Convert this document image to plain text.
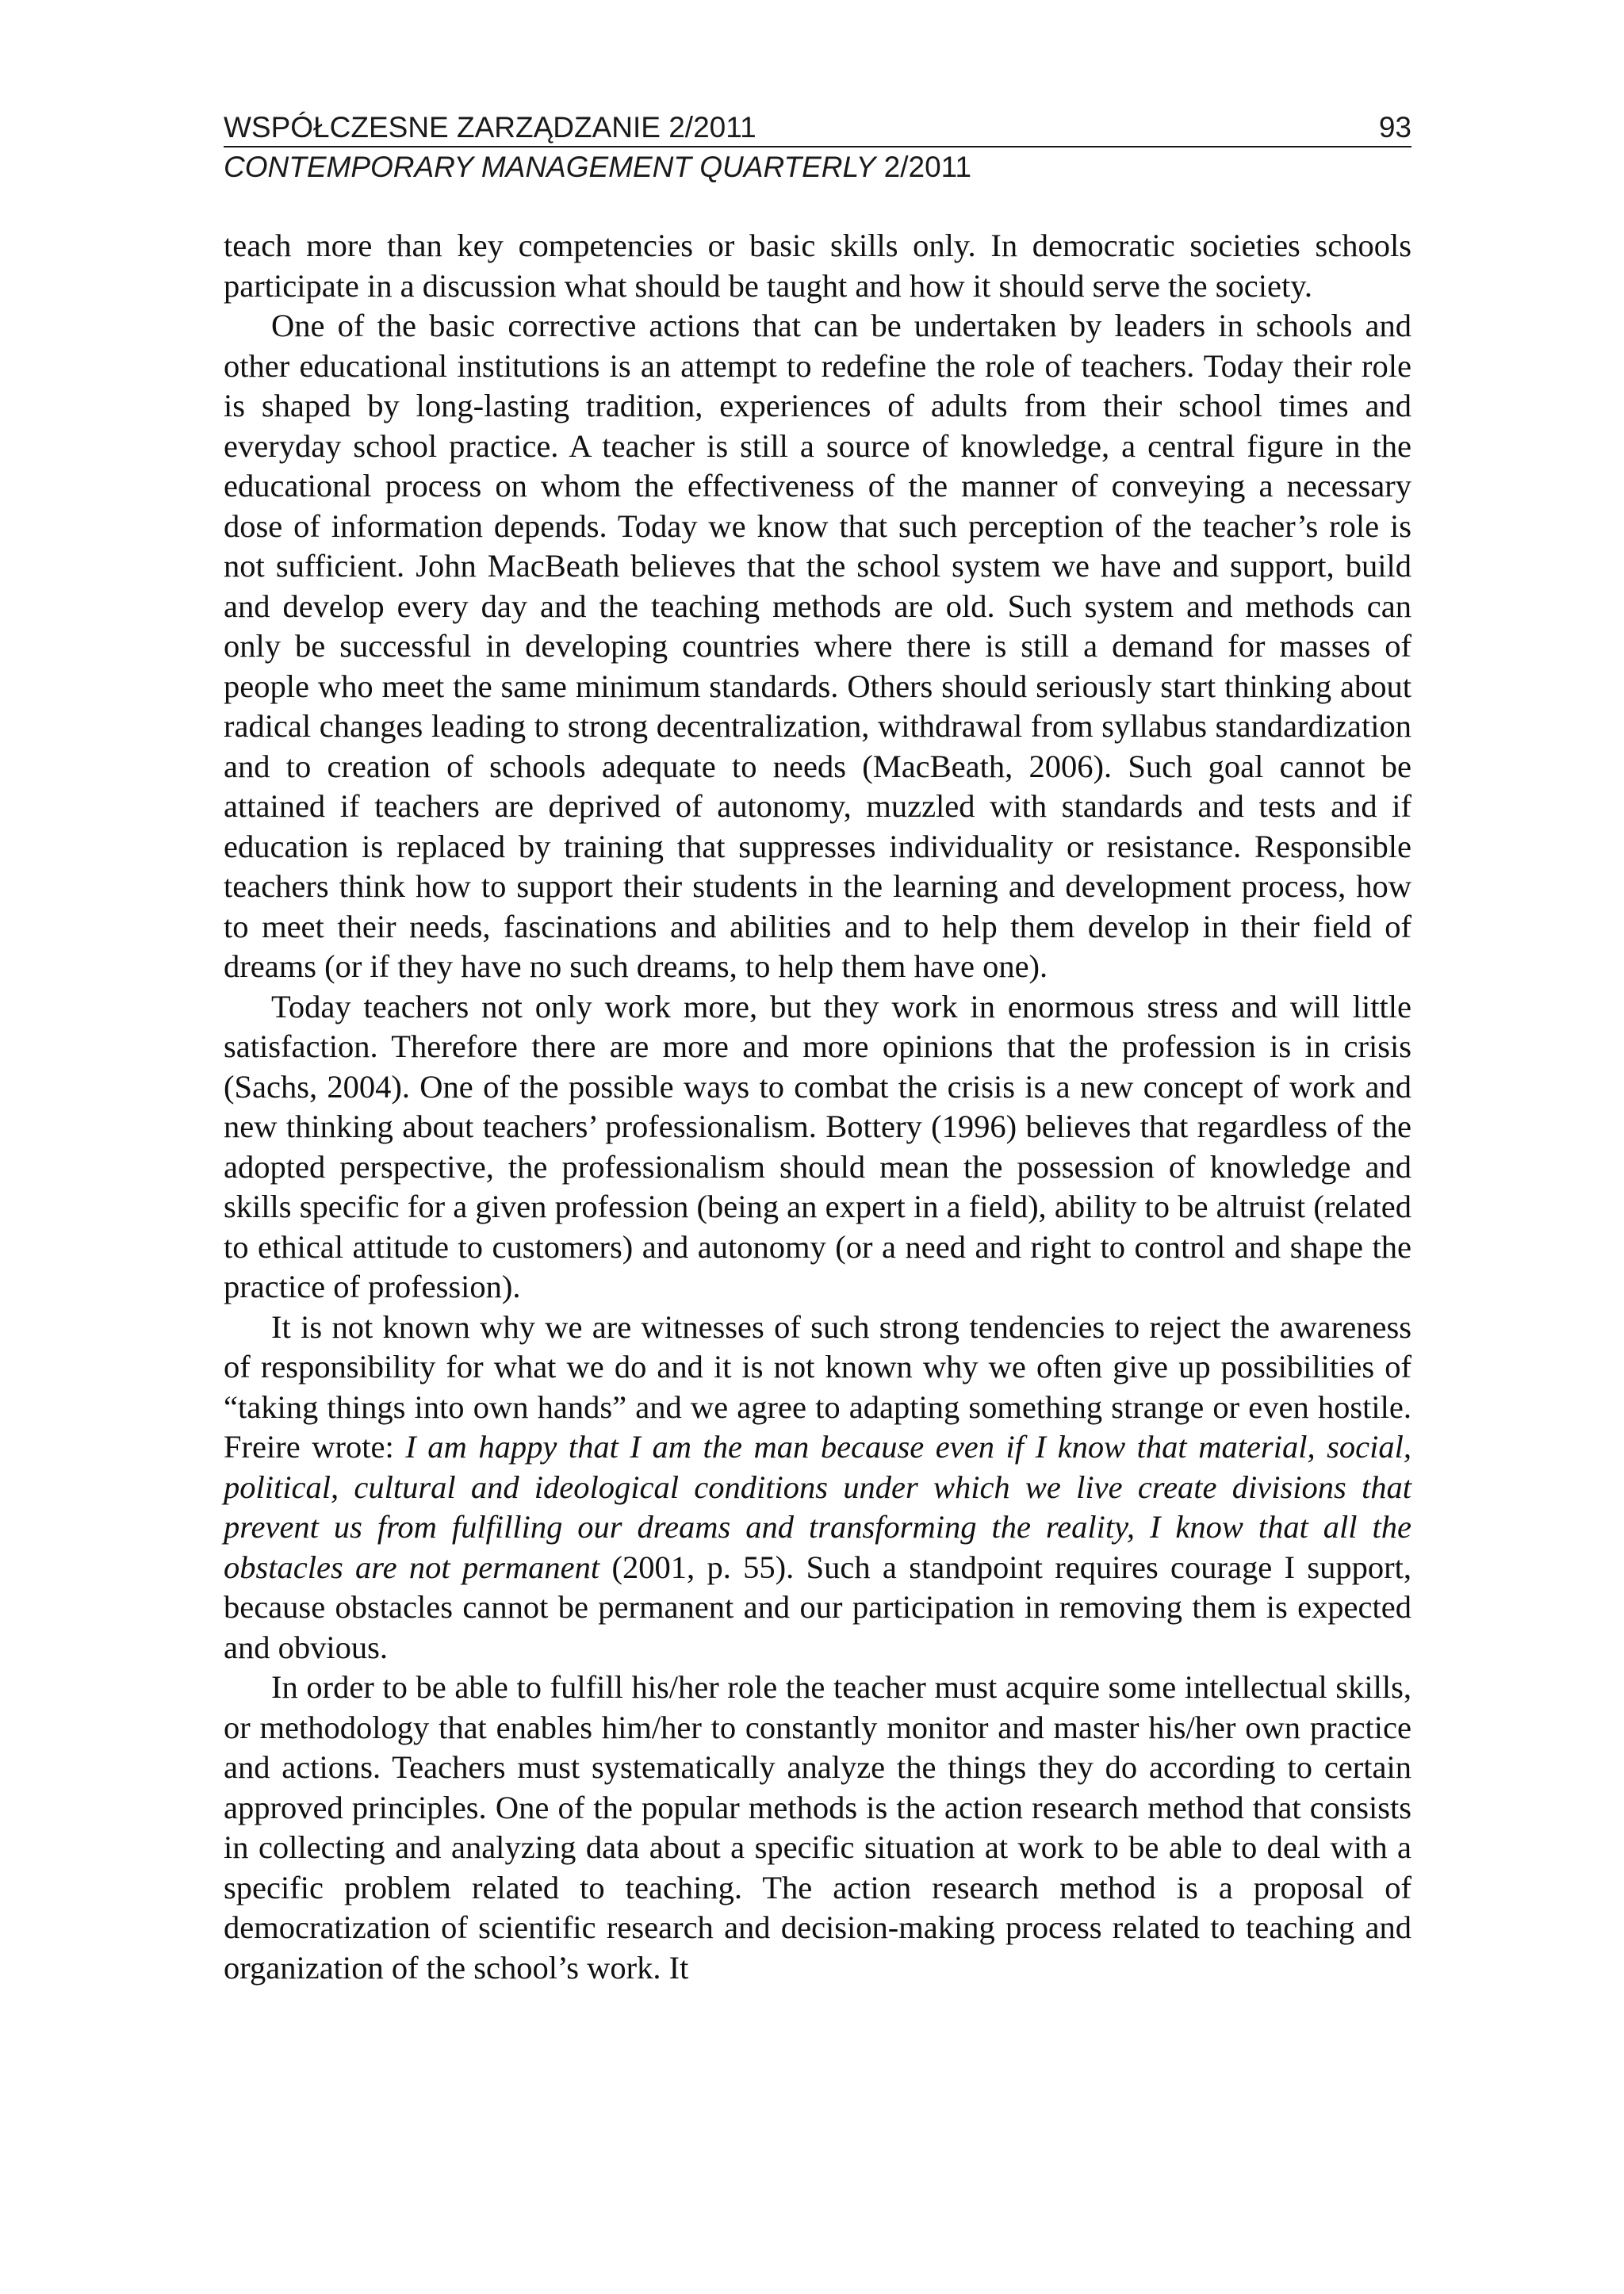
WSPÓŁCZESNE ZARZĄDZANIE 2/2011	93
CONTEMPORARY MANAGEMENT QUARTERLY 2/2011

teach more than key competencies or basic skills only. In democratic societies schools participate in a discussion what should be taught and how it should serve the society.

One of the basic corrective actions that can be undertaken by leaders in schools and other educational institutions is an attempt to redefine the role of teachers. Today their role is shaped by long-lasting tradition, experiences of adults from their school times and everyday school practice. A teacher is still a source of knowledge, a central figure in the educational process on whom the effectiveness of the manner of conveying a necessary dose of information depends. Today we know that such perception of the teacher’s role is not sufficient. John MacBeath believes that the school system we have and support, build and develop every day and the teaching methods are old. Such system and methods can only be successful in developing countries where there is still a demand for masses of people who meet the same minimum standards. Others should seriously start thinking about radical changes leading to strong decentralization, withdrawal from syllabus standardization and to creation of schools adequate to needs (MacBeath, 2006). Such goal cannot be attained if teachers are deprived of autonomy, muzzled with standards and tests and if education is replaced by training that suppresses individuality or resistance. Responsible teachers think how to support their students in the learning and development process, how to meet their needs, fascinations and abilities and to help them develop in their field of dreams (or if they have no such dreams, to help them have one).

Today teachers not only work more, but they work in enormous stress and will little satisfaction. Therefore there are more and more opinions that the profession is in crisis (Sachs, 2004). One of the possible ways to combat the crisis is a new concept of work and new thinking about teachers’ professionalism. Bottery (1996) believes that regardless of the adopted perspective, the professionalism should mean the possession of knowledge and skills specific for a given profession (being an expert in a field), ability to be altruist (related to ethical attitude to customers) and autonomy (or a need and right to control and shape the practice of profession).

It is not known why we are witnesses of such strong tendencies to reject the awareness of responsibility for what we do and it is not known why we often give up possibilities of “taking things into own hands” and we agree to adapting something strange or even hostile. Freire wrote: I am happy that I am the man because even if I know that material, social, political, cultural and ideological conditions under which we live create divisions that prevent us from fulfilling our dreams and transforming the reality, I know that all the obstacles are not permanent (2001, p. 55). Such a standpoint requires courage I support, because obstacles cannot be permanent and our participation in removing them is expected and obvious.

In order to be able to fulfill his/her role the teacher must acquire some intellectual skills, or methodology that enables him/her to constantly monitor and master his/her own practice and actions. Teachers must systematically analyze the things they do according to certain approved principles. One of the popular methods is the action research method that consists in collecting and analyzing data about a specific situation at work to be able to deal with a specific problem related to teaching. The action research method is a proposal of democratization of scientific research and decision-making process related to teaching and organization of the school’s work. It
